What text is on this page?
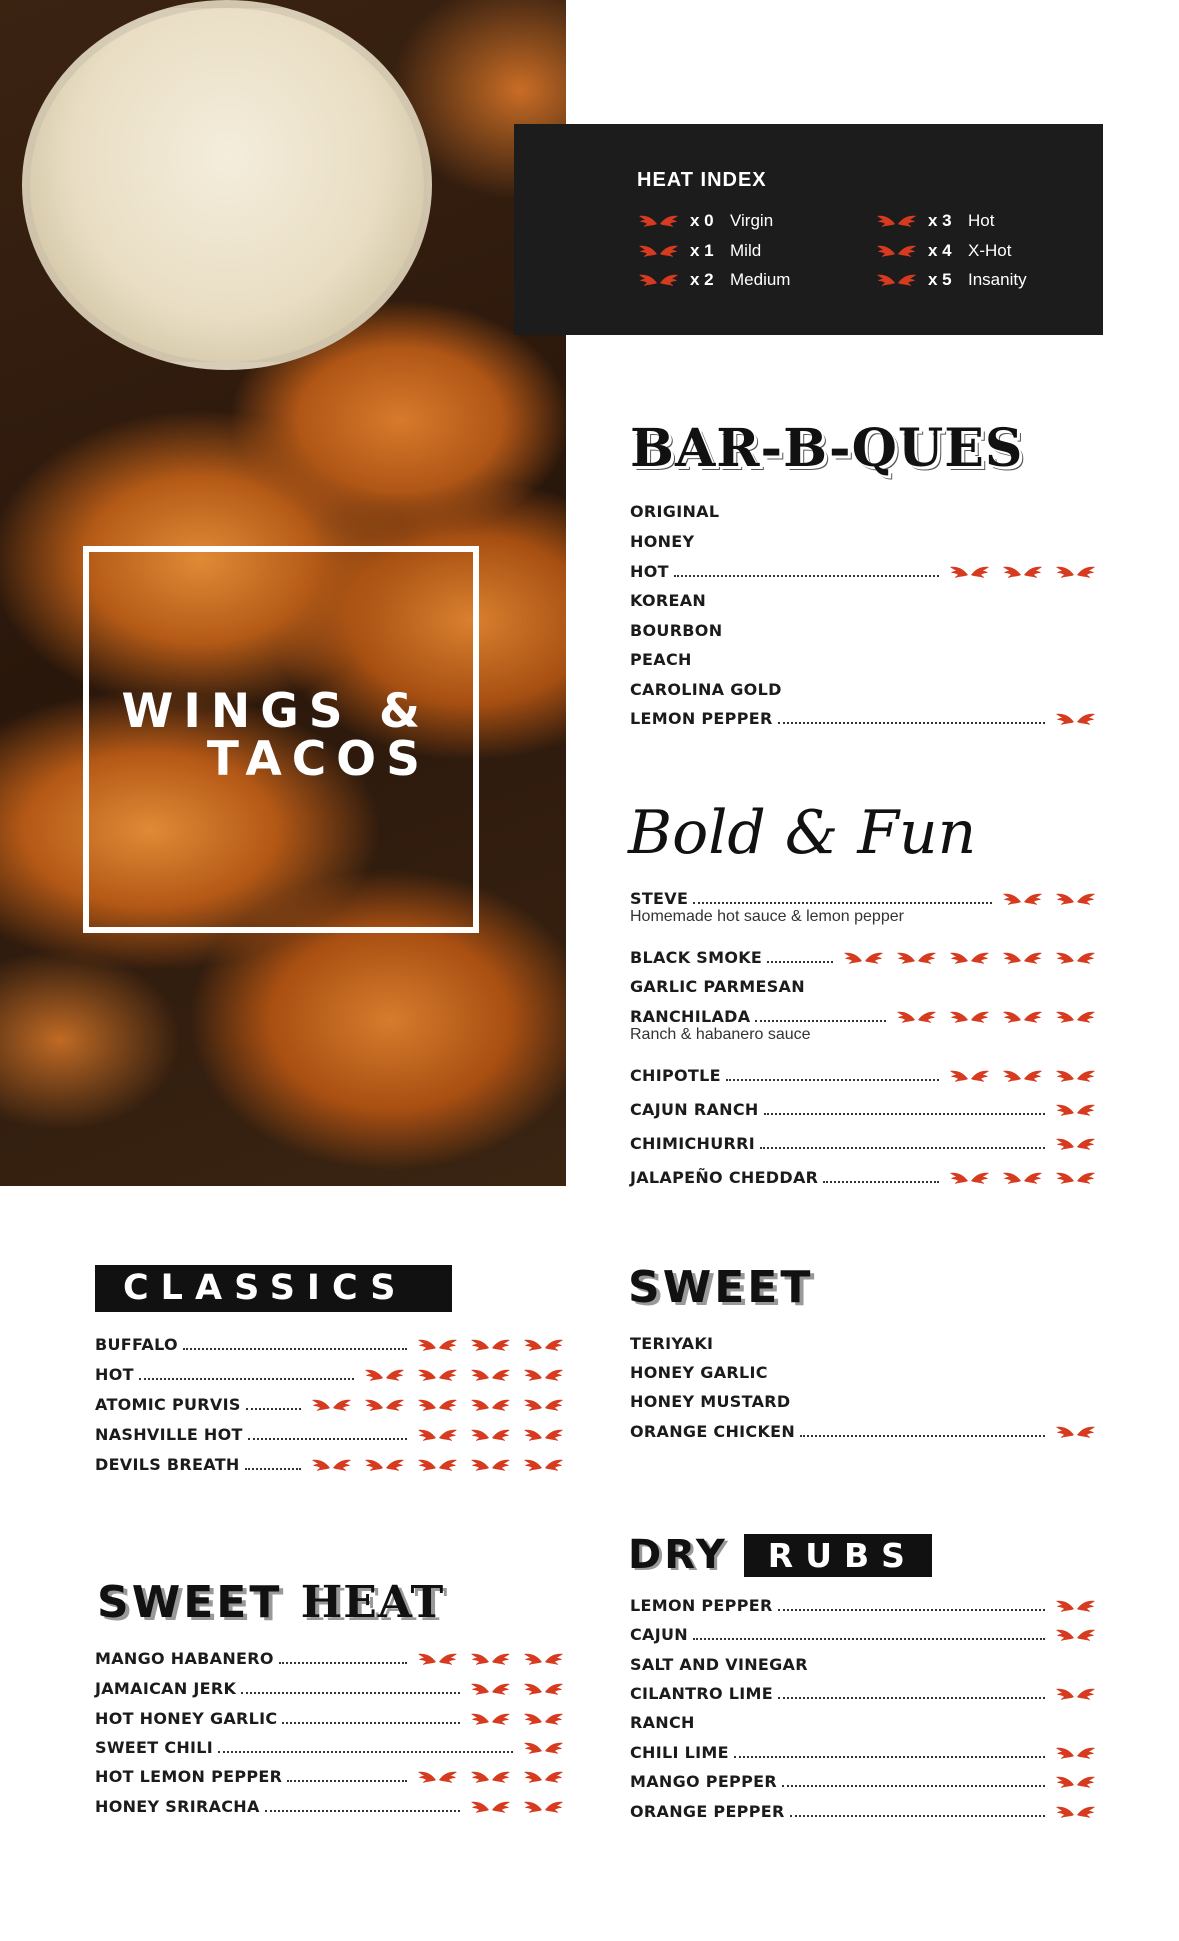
WINGS &
TACOS
HEAT INDEX
x 0 Virgin
x 1 Mild
x 2 Medium
x 3 Hot
x 4 X-Hot
x 5 Insanity
BAR-B-QUES
ORIGINAL
HONEY
HOT
KOREAN
BOURBON
PEACH
CAROLINA GOLD
LEMON PEPPER
Bold & Fun
STEVE
Homemade hot sauce & lemon pepper
BLACK SMOKE
GARLIC PARMESAN
RANCHILADA
Ranch & habanero sauce
CHIPOTLE
CAJUN RANCH
CHIMICHURRI
JALAPEÑO CHEDDAR
CLASSICS
BUFFALO
HOT
ATOMIC PURVIS
NASHVILLE HOT
DEVILS BREATH
SWEET
TERIYAKI
HONEY GARLIC
HONEY MUSTARD
ORANGE CHICKEN
SWEET HEAT
MANGO HABANERO
JAMAICAN JERK
HOT HONEY GARLIC
SWEET CHILI
HOT LEMON PEPPER
HONEY SRIRACHA
DRY	RUBS
LEMON PEPPER
CAJUN
SALT AND VINEGAR
CILANTRO LIME
RANCH
CHILI LIME
MANGO PEPPER
ORANGE PEPPER
